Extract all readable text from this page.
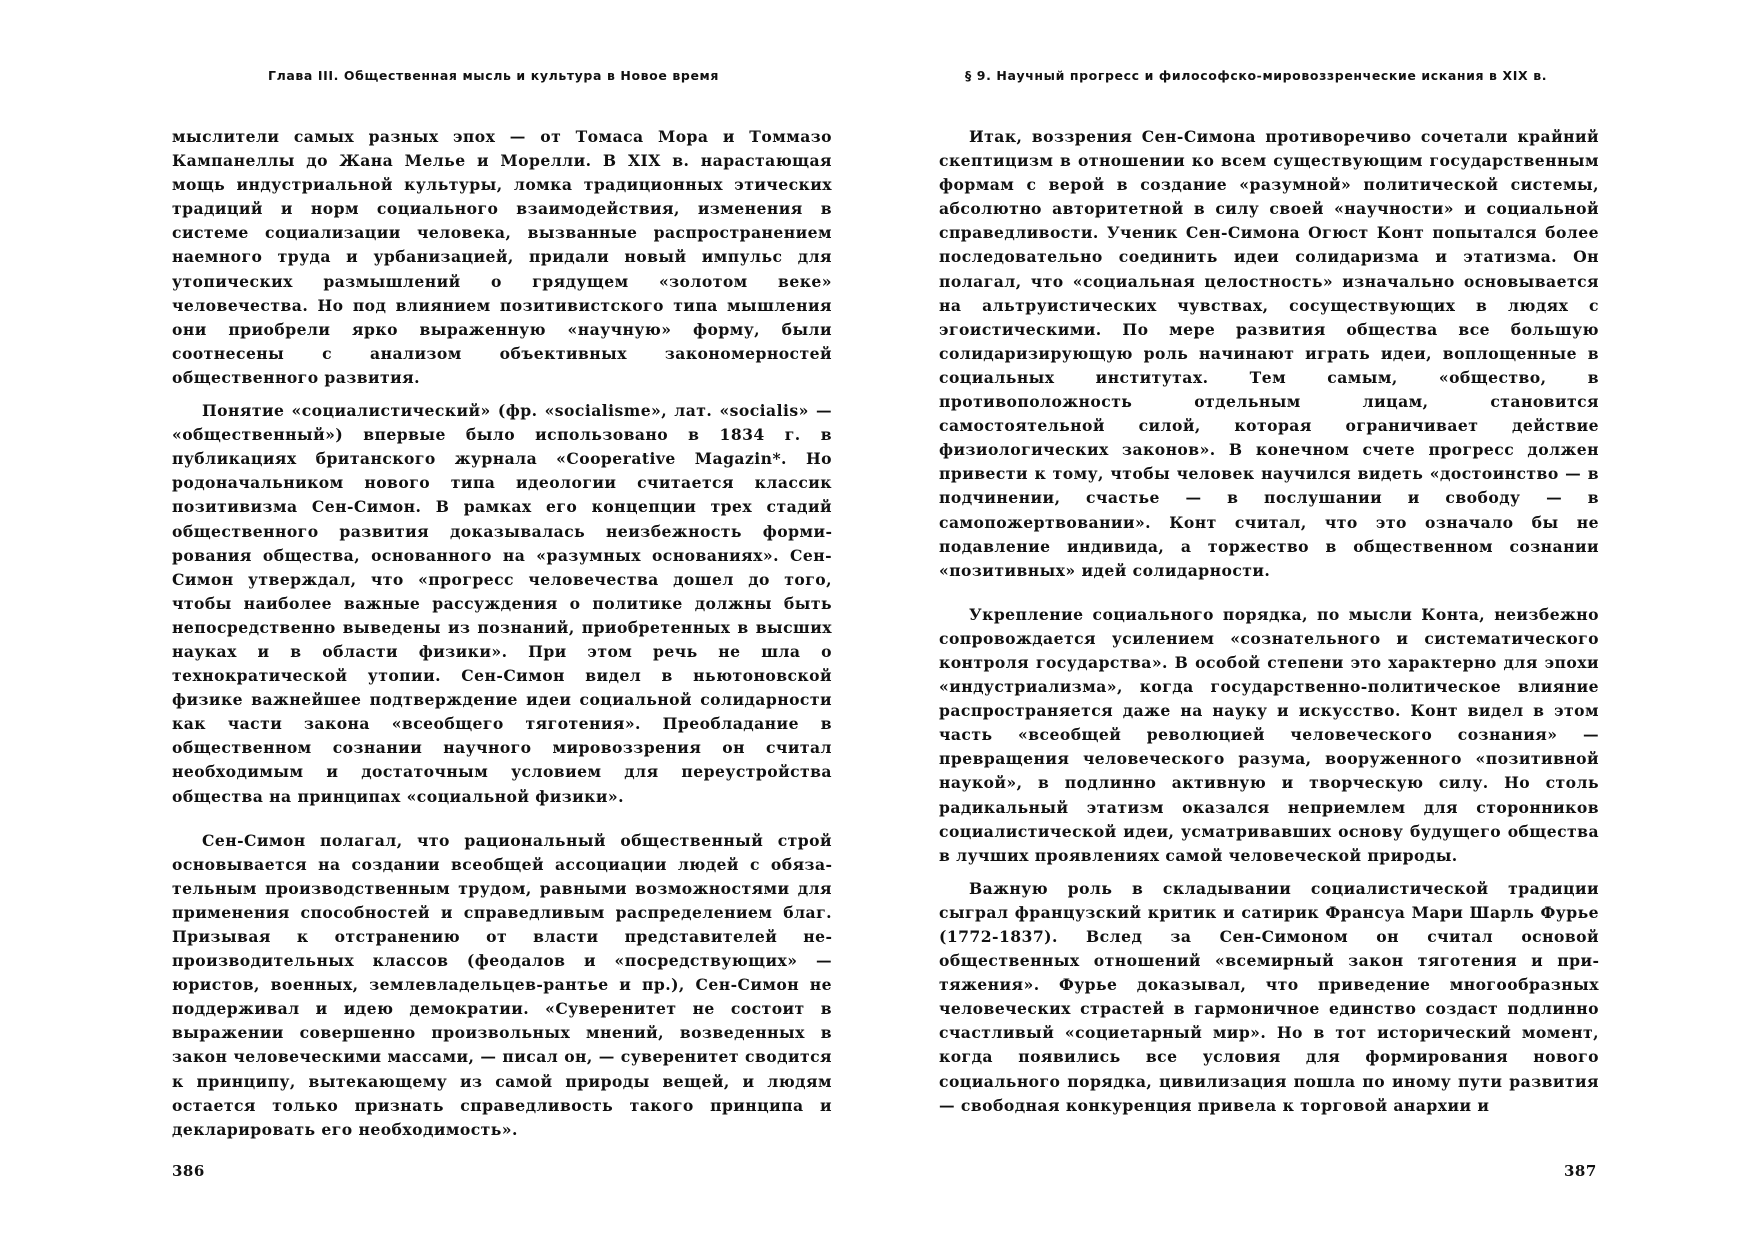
Глава III. Общественная мысль и культура в Новое время

мыслители самых разных эпох — от Томаса Мора и Томмазо Кампанеллы до Жана Мелье и Морелли. В XIX в. нарастающая мощь индустриальной культуры, ломка традиционных этических традиций и норм социального взаимодействия, изменения в системе социализации человека, вызванные распространением наемного труда и урбанизацией, придали новый импульс для утопических размышлений о грядущем «золотом веке» человечества. Но под влиянием позитивистского типа мышления они приобрели ярко выраженную «научную» форму, были соотнесены с анализом объективных закономерностей общественного развития.

Понятие «социалистический» (фр. «socialisme», лат. «socialis» — «общественный») впервые было использовано в 1834 г. в публикациях британского журнала «Cooperative Magazin*. Но родоначальником нового типа идеологии считается классик позитивизма Сен-Симон. В рамках его концепции трех стадий общественного развития доказывалась неизбежность формирования общества, основанного на «разумных основаниях». Сен-Симон утверждал, что «прогресс человечества дошел до того, чтобы наиболее важные рассуждения о политике должны быть непосредственно выведены из познаний, приобретенных в высших науках и в области физики». При этом речь не шла о технократической утопии. Сен-Симон видел в ньютоновской физике важнейшее подтверждение идеи социальной солидарности как части закона «всеобщего тяготения». Преобладание в общественном сознании научного мировоззрения он считал необходимым и достаточным условием для переустройства общества на принципах «социальной физики».

Сен-Симон полагал, что рациональный общественный строй основывается на создании всеобщей ассоциации людей с обязательным производственным трудом, равными возможностями для применения способностей и справедливым распределением благ. Призывая к отстранению от власти представителей непроизводительных классов (феодалов и «посредствующих» — юристов, военных, землевладельцев-рантье и пр.), Сен-Симон не поддерживал и идею демократии. «Суверенитет не состоит в выражении совершенно произвольных мнений, возведенных в закон человеческими массами, — писал он, — суверенитет сводится к принципу, вытекающему из самой природы вещей, и людям остается только признать справедливость такого принципа и декларировать его необходимость».

386
§ 9. Научный прогресс и философско-мировоззренческие искания в XIX в.

Итак, воззрения Сен-Симона противоречиво сочетали крайний скептицизм в отношении ко всем существующим государственным формам с верой в создание «разумной» политической системы, абсолютно авторитетной в силу своей «научности» и социальной справедливости. Ученик Сен-Симона Огюст Конт попытался более последовательно соединить идеи солидаризма и этатизма. Он полагал, что «социальная целостность» изначально основывается на альтруистических чувствах, сосуществующих в людях с эгоистическими. По мере развития общества все большую солидаризирующую роль начинают играть идеи, воплощенные в социальных институтах. Тем самым, «общество, в противоположность отдельным лицам, становится самостоятельной силой, которая ограничивает действие физиологических законов». В конечном счете прогресс должен привести к тому, чтобы человек научился видеть «достоинство — в подчинении, счастье — в послушании и свободу — в самопожертвовании». Конт считал, что это означало бы не подавление индивида, а торжество в общественном сознании «позитивных» идей солидарности.

Укрепление социального порядка, по мысли Конта, неизбежно сопровождается усилением «сознательного и систематического контроля государства». В особой степени это характерно для эпохи «индустриализма», когда государственно-политическое влияние распространяется даже на науку и искусство. Конт видел в этом часть «всеобщей революцией человеческого сознания» — превращения человеческого разума, вооруженного «позитивной наукой», в подлинно активную и творческую силу. Но столь радикальный этатизм оказался неприемлем для сторонников социалистической идеи, усматривавших основу будущего общества в лучших проявлениях самой человеческой природы.

Важную роль в складывании социалистической традиции сыграл французский критик и сатирик Франсуа Мари Шарль Фурье (1772-1837). Вслед за Сен-Симоном он считал основой общественных отношений «всемирный закон тяготения и притяжения». Фурье доказывал, что приведение многообразных человеческих страстей в гармоничное единство создаст подлинно счастливый «социетарный мир». Но в тот исторический момент, когда появились все условия для формирования нового социального порядка, цивилизация пошла по иному пути развития — свободная конкуренция привела к торговой анархии и

387
